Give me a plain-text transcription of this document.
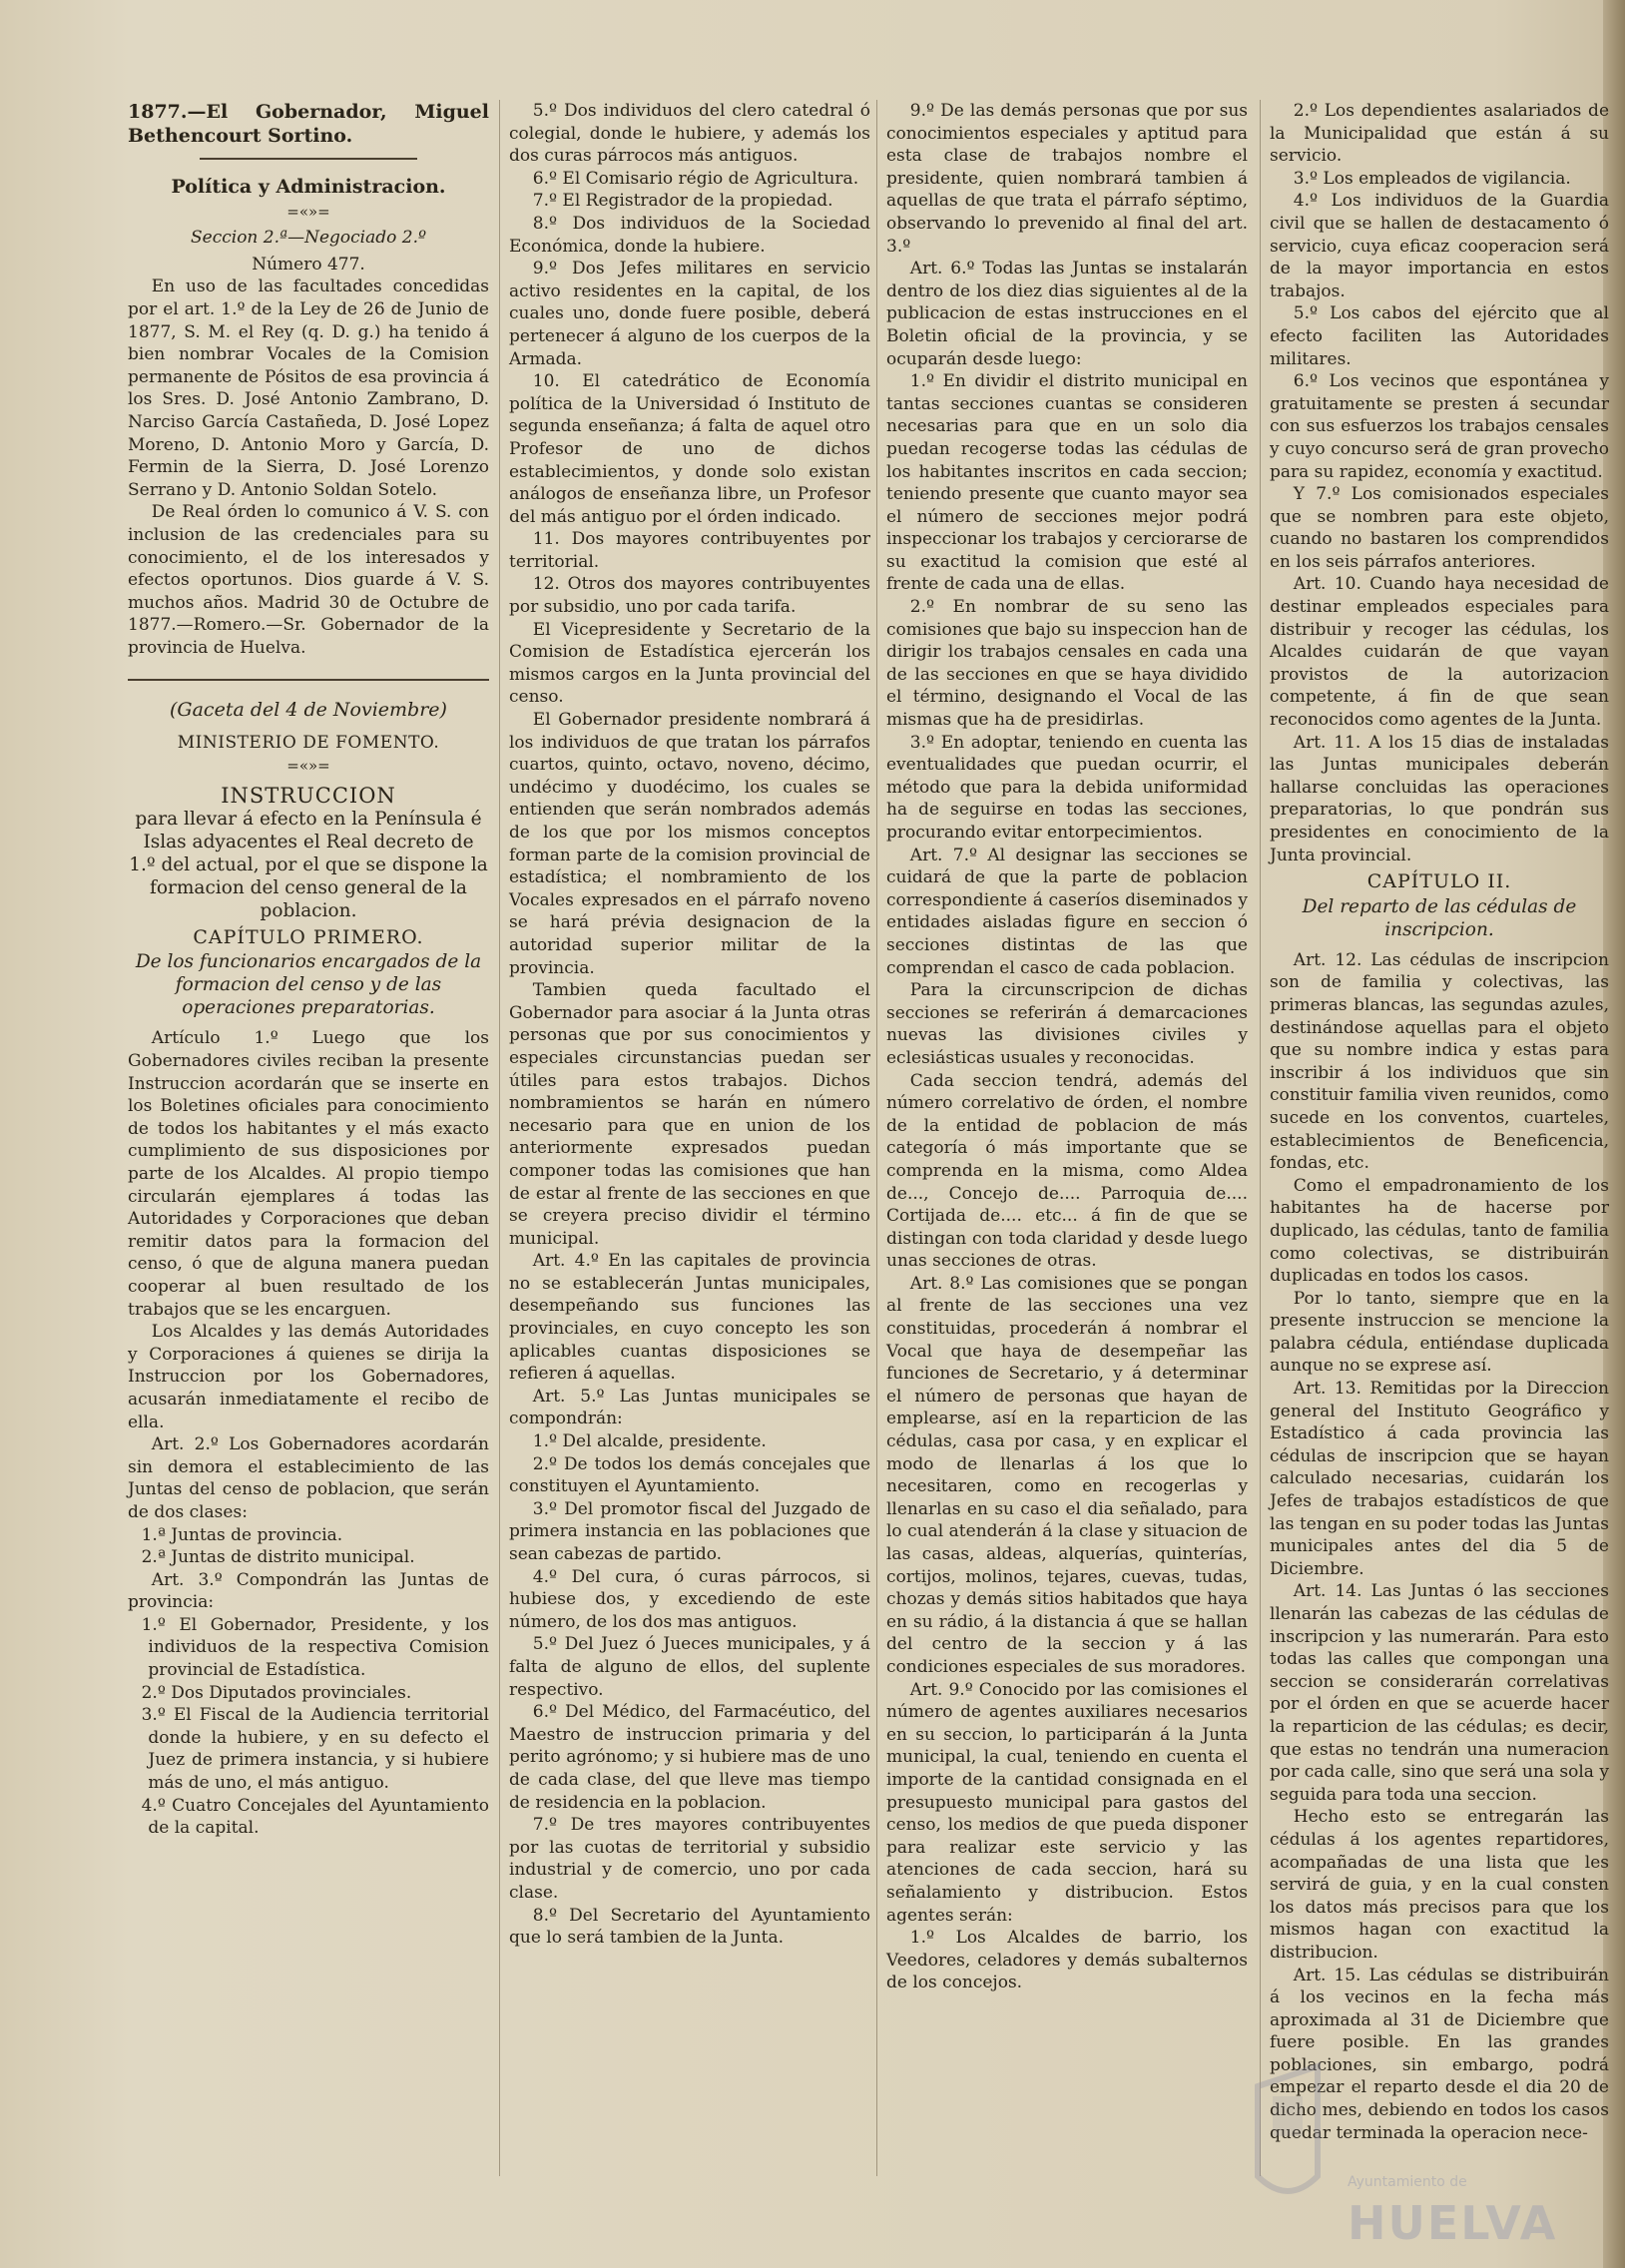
1877.—El Gobernador, Miguel Bethencourt Sortino.

Política y Administracion.

=«»=

Seccion 2.ª—Negociado 2.º

Número 477.

En uso de las facultades concedidas por el art. 1.º de la Ley de 26 de Junio de 1877, S. M. el Rey (q. D. g.) ha tenido á bien nombrar Vocales de la Comision permanente de Pósitos de esa provincia á los Sres. D. José Antonio Zambrano, D. Narciso García Castañeda, D. José Lopez Moreno, D. Antonio Moro y García, D. Fermin de la Sierra, D. José Lorenzo Serrano y D. Antonio Soldan Sotelo.

De Real órden lo comunico á V. S. con inclusion de las credenciales para su conocimiento, el de los interesados y efectos oportunos. Dios guarde á V. S. muchos años. Madrid 30 de Octubre de 1877.—Romero.—Sr. Gobernador de la provincia de Huelva.

(Gaceta del 4 de Noviembre)

MINISTERIO DE FOMENTO.

=«»=

INSTRUCCION

para llevar á efecto en la Península é Islas adyacentes el Real decreto de 1.º del actual, por el que se dispone la formacion del censo general de la poblacion.

CAPÍTULO PRIMERO.

De los funcionarios encargados de la formacion del censo y de las operaciones preparatorias.

Artículo 1.º Luego que los Gobernadores civiles reciban la presente Instruccion acordarán que se inserte en los Boletines oficiales para conocimiento de todos los habitantes y el más exacto cumplimiento de sus disposiciones por parte de los Alcaldes. Al propio tiempo circularán ejemplares á todas las Autoridades y Corporaciones que deban remitir datos para la formacion del censo, ó que de alguna manera puedan cooperar al buen resultado de los trabajos que se les encarguen.

Los Alcaldes y las demás Autoridades y Corporaciones á quienes se dirija la Instruccion por los Gobernadores, acusarán inmediatamente el recibo de ella.

Art. 2.º Los Gobernadores acordarán sin demora el establecimiento de las Juntas del censo de poblacion, que serán de dos clases:

1.ª Juntas de provincia.

2.ª Juntas de distrito municipal.

Art. 3.º Compondrán las Juntas de provincia:

1.º El Gobernador, Presidente, y los individuos de la respectiva Comision provincial de Estadística.

2.º Dos Diputados provinciales.

3.º El Fiscal de la Audiencia territorial donde la hubiere, y en su defecto el Juez de primera instancia, y si hubiere más de uno, el más antiguo.

4.º Cuatro Concejales del Ayuntamiento de la capital.

5.º Dos individuos del clero catedral ó colegial, donde le hubiere, y además los dos curas párrocos más antiguos.

6.º El Comisario régio de Agricultura.

7.º El Registrador de la propiedad.

8.º Dos individuos de la Sociedad Económica, donde la hubiere.

9.º Dos Jefes militares en servicio activo residentes en la capital, de los cuales uno, donde fuere posible, deberá pertenecer á alguno de los cuerpos de la Armada.

10. El catedrático de Economía política de la Universidad ó Instituto de segunda enseñanza; á falta de aquel otro Profesor de uno de dichos establecimientos, y donde solo existan análogos de enseñanza libre, un Profesor del más antiguo por el órden indicado.

11. Dos mayores contribuyentes por territorial.

12. Otros dos mayores contribuyentes por subsidio, uno por cada tarifa.

El Vicepresidente y Secretario de la Comision de Estadística ejercerán los mismos cargos en la Junta provincial del censo.

El Gobernador presidente nombrará á los individuos de que tratan los párrafos cuartos, quinto, octavo, noveno, décimo, undécimo y duodécimo, los cuales se entienden que serán nombrados además de los que por los mismos conceptos forman parte de la comision provincial de estadística; el nombramiento de los Vocales expresados en el párrafo noveno se hará prévia designacion de la autoridad superior militar de la provincia.

Tambien queda facultado el Gobernador para asociar á la Junta otras personas que por sus conocimientos y especiales circunstancias puedan ser útiles para estos trabajos. Dichos nombramientos se harán en número necesario para que en union de los anteriormente expresados puedan componer todas las comisiones que han de estar al frente de las secciones en que se creyera preciso dividir el término municipal.

Art. 4.º En las capitales de provincia no se establecerán Juntas municipales, desempeñando sus funciones las provinciales, en cuyo concepto les son aplicables cuantas disposiciones se refieren á aquellas.

Art. 5.º Las Juntas municipales se compondrán:

1.º Del alcalde, presidente.

2.º De todos los demás concejales que constituyen el Ayuntamiento.

3.º Del promotor fiscal del Juzgado de primera instancia en las poblaciones que sean cabezas de partido.

4.º Del cura, ó curas párrocos, si hubiese dos, y excediendo de este número, de los dos mas antiguos.

5.º Del Juez ó Jueces municipales, y á falta de alguno de ellos, del suplente respectivo.

6.º Del Médico, del Farmacéutico, del Maestro de instruccion primaria y del perito agrónomo; y si hubiere mas de uno de cada clase, del que lleve mas tiempo de residencia en la poblacion.

7.º De tres mayores contribuyentes por las cuotas de territorial y subsidio industrial y de comercio, uno por cada clase.

8.º Del Secretario del Ayuntamiento que lo será tambien de la Junta.

9.º De las demás personas que por sus conocimientos especiales y aptitud para esta clase de trabajos nombre el presidente, quien nombrará tambien á aquellas de que trata el párrafo séptimo, observando lo prevenido al final del art. 3.º

Art. 6.º Todas las Juntas se instalarán dentro de los diez dias siguientes al de la publicacion de estas instrucciones en el Boletin oficial de la provincia, y se ocuparán desde luego:

1.º En dividir el distrito municipal en tantas secciones cuantas se consideren necesarias para que en un solo dia puedan recogerse todas las cédulas de los habitantes inscritos en cada seccion; teniendo presente que cuanto mayor sea el número de secciones mejor podrá inspeccionar los trabajos y cerciorarse de su exactitud la comision que esté al frente de cada una de ellas.

2.º En nombrar de su seno las comisiones que bajo su inspeccion han de dirigir los trabajos censales en cada una de las secciones en que se haya dividido el término, designando el Vocal de las mismas que ha de presidirlas.

3.º En adoptar, teniendo en cuenta las eventualidades que puedan ocurrir, el método que para la debida uniformidad ha de seguirse en todas las secciones, procurando evitar entorpecimientos.

Art. 7.º Al designar las secciones se cuidará de que la parte de poblacion correspondiente á caseríos diseminados y entidades aisladas figure en seccion ó secciones distintas de las que comprendan el casco de cada poblacion.

Para la circunscripcion de dichas secciones se referirán á demarcaciones nuevas las divisiones civiles y eclesiásticas usuales y reconocidas.

Cada seccion tendrá, además del número correlativo de órden, el nombre de la entidad de poblacion de más categoría ó más importante que se comprenda en la misma, como Aldea de..., Concejo de.... Parroquia de.... Cortijada de.... etc... á fin de que se distingan con toda claridad y desde luego unas secciones de otras.

Art. 8.º Las comisiones que se pongan al frente de las secciones una vez constituidas, procederán á nombrar el Vocal que haya de desempeñar las funciones de Secretario, y á determinar el número de personas que hayan de emplearse, así en la reparticion de las cédulas, casa por casa, y en explicar el modo de llenarlas á los que lo necesitaren, como en recogerlas y llenarlas en su caso el dia señalado, para lo cual atenderán á la clase y situacion de las casas, aldeas, alquerías, quinterías, cortijos, molinos, tejares, cuevas, tudas, chozas y demás sitios habitados que haya en su rádio, á la distancia á que se hallan del centro de la seccion y á las condiciones especiales de sus moradores.

Art. 9.º Conocido por las comisiones el número de agentes auxiliares necesarios en su seccion, lo participarán á la Junta municipal, la cual, teniendo en cuenta el importe de la cantidad consignada en el presupuesto municipal para gastos del censo, los medios de que pueda disponer para realizar este servicio y las atenciones de cada seccion, hará su señalamiento y distribucion. Estos agentes serán:

1.º Los Alcaldes de barrio, los Veedores, celadores y demás subalternos de los concejos.

2.º Los dependientes asalariados de la Municipalidad que están á su servicio.

3.º Los empleados de vigilancia.

4.º Los individuos de la Guardia civil que se hallen de destacamento ó servicio, cuya eficaz cooperacion será de la mayor importancia en estos trabajos.

5.º Los cabos del ejército que al efecto faciliten las Autoridades militares.

6.º Los vecinos que espontánea y gratuitamente se presten á secundar con sus esfuerzos los trabajos censales y cuyo concurso será de gran provecho para su rapidez, economía y exactitud.

Y 7.º Los comisionados especiales que se nombren para este objeto, cuando no bastaren los comprendidos en los seis párrafos anteriores.

Art. 10. Cuando haya necesidad de destinar empleados especiales para distribuir y recoger las cédulas, los Alcaldes cuidarán de que vayan provistos de la autorizacion competente, á fin de que sean reconocidos como agentes de la Junta.

Art. 11. A los 15 dias de instaladas las Juntas municipales deberán hallarse concluidas las operaciones preparatorias, lo que pondrán sus presidentes en conocimiento de la Junta provincial.

CAPÍTULO II.

Del reparto de las cédulas de inscripcion.

Art. 12. Las cédulas de inscripcion son de familia y colectivas, las primeras blancas, las segundas azules, destinándose aquellas para el objeto que su nombre indica y estas para inscribir á los individuos que sin constituir familia viven reunidos, como sucede en los conventos, cuarteles, establecimientos de Beneficencia, fondas, etc.

Como el empadronamiento de los habitantes ha de hacerse por duplicado, las cédulas, tanto de familia como colectivas, se distribuirán duplicadas en todos los casos.

Por lo tanto, siempre que en la presente instruccion se mencione la palabra cédula, entiéndase duplicada aunque no se exprese así.

Art. 13. Remitidas por la Direccion general del Instituto Geográfico y Estadístico á cada provincia las cédulas de inscripcion que se hayan calculado necesarias, cuidarán los Jefes de trabajos estadísticos de que las tengan en su poder todas las Juntas municipales antes del dia 5 de Diciembre.

Art. 14. Las Juntas ó las secciones llenarán las cabezas de las cédulas de inscripcion y las numerarán. Para esto todas las calles que compongan una seccion se considerarán correlativas por el órden en que se acuerde hacer la reparticion de las cédulas; es decir, que estas no tendrán una numeracion por cada calle, sino que será una sola y seguida para toda una seccion.

Hecho esto se entregarán las cédulas á los agentes repartidores, acompañadas de una lista que les servirá de guia, y en la cual consten los datos más precisos para que los mismos hagan con exactitud la distribucion.

Art. 15. Las cédulas se distribuirán á los vecinos en la fecha más aproximada al 31 de Diciembre que fuere posible. En las grandes poblaciones, sin embargo, podrá empezar el reparto desde el dia 20 de dicho mes, debiendo en todos los casos quedar terminada la operacion nece-

Ayuntamiento de
HUELVA
